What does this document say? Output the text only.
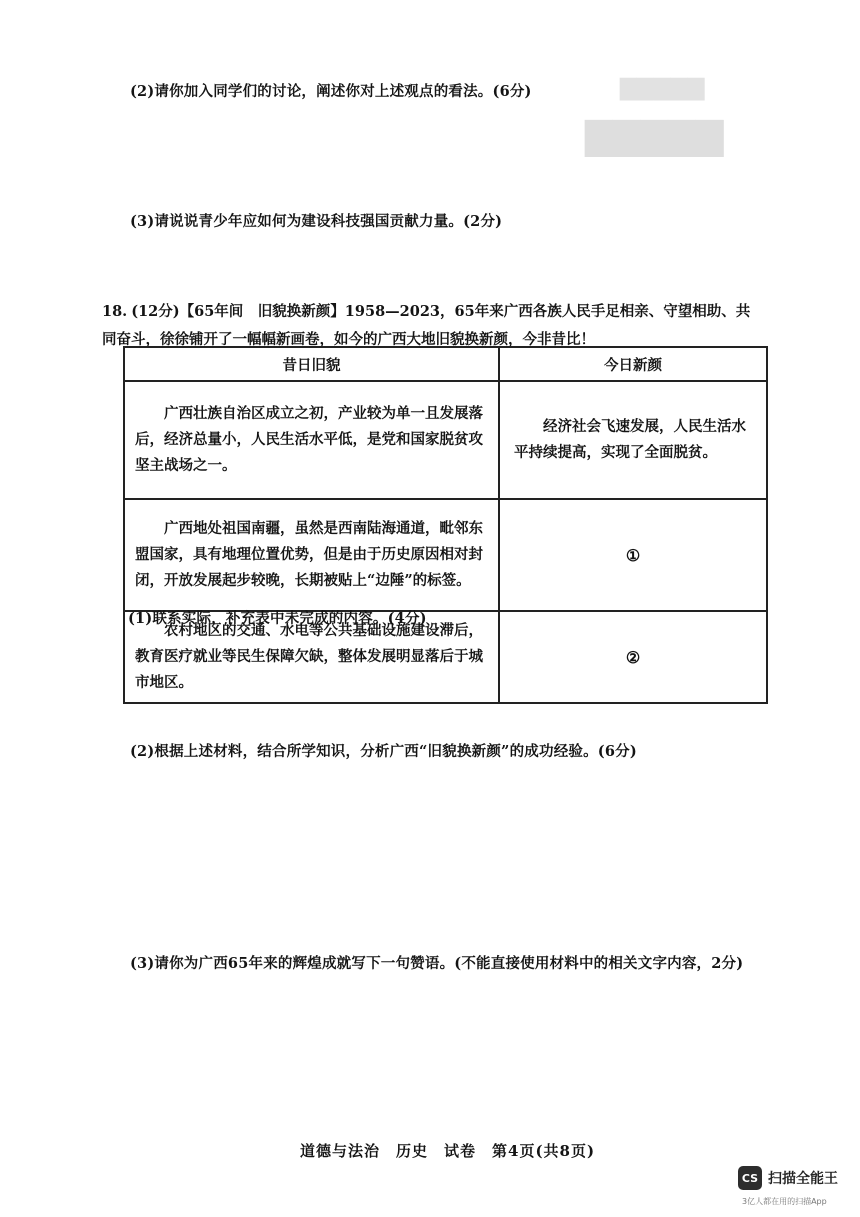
▇▇▇▇▇
▇▇▇▇▇
(2)请你加入同学们的讨论，阐述你对上述观点的看法。(6分)
(3)请说说青少年应如何为建设科技强国贡献力量。(2分)
18. (12分)【65年间　旧貌换新颜】1958—2023，65年来广西各族人民手足相亲、守望相助、共同奋斗，徐徐铺开了一幅幅新画卷，如今的广西大地旧貌换新颜，今非昔比！
昔日旧貌	今日新颜
广西壮族自治区成立之初，产业较为单一且发展落后，经济总量小，人民生活水平低，是党和国家脱贫攻坚主战场之一。	经济社会飞速发展，人民生活水平持续提高，实现了全面脱贫。
广西地处祖国南疆，虽然是西南陆海通道，毗邻东盟国家，具有地理位置优势，但是由于历史原因相对封闭，开放发展起步较晚，长期被贴上“边陲”的标签。	①
农村地区的交通、水电等公共基础设施建设滞后，教育医疗就业等民生保障欠缺，整体发展明显落后于城市地区。	②
(1)联系实际，补充表中未完成的内容。(4分)
(2)根据上述材料，结合所学知识，分析广西“旧貌换新颜”的成功经验。(6分)
(3)请你为广西65年来的辉煌成就写下一句赞语。(不能直接使用材料中的相关文字内容，2分)
道德与法治　历史　试卷　第4页(共8页)
CS 扫描全能王
3亿人都在用的扫描App
